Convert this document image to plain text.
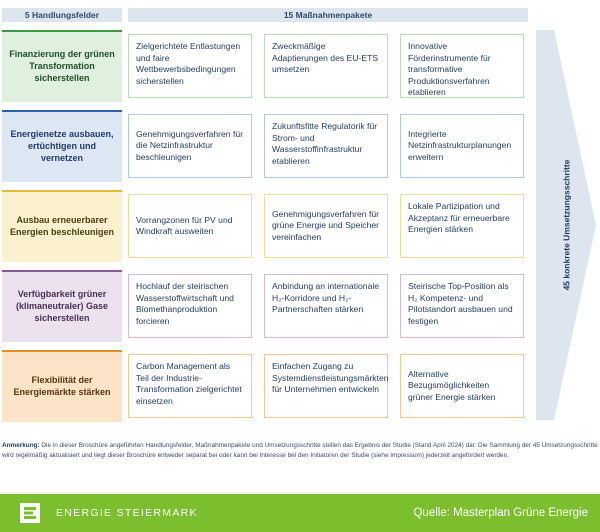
5 Handlungsfelder	15 Maßnahmenpakete
Finanzierung der grünen Transformation sicherstellen
Zielgerichtete Entlastungen und faire Wettbewerbsbedingungen sicherstellen
Zweckmäßige Adaptierungen des EU-ETS umsetzen
Innovative Förderinstrumente für transformative Produktionsverfahren etablieren
Energienetze ausbauen, ertüchtigen und vernetzen
Genehmigungsverfahren für die Netzinfrastruktur beschleunigen
Zukunftsfitte Regulatorik für Strom- und Wasserstoffinfrastruktur etablieren
Integrierte Netzinfrastrukturplanungen erweitern
Ausbau erneuerbarer Energien beschleunigen
Vorrangzonen für PV und Windkraft ausweiten
Genehmigungsverfahren für grüne Energie und Speicher vereinfachen
Lokale Partizipation und Akzeptanz für erneuerbare Energien stärken
Verfügbarkeit grüner (klimaneutraler) Gase sicherstellen
Hochlauf der steirischen Wasserstoffwirtschaft und Biomethanproduktion forcieren
Anbindung an internationale H₂-Korridore und H₂-Partnerschaften stärken
Steirische Top-Position als H₂ Kompetenz- und Pilotstandort ausbauen und festigen
Flexibilität der Energiemärkte stärken
Carbon Management als Teil der Industrie-Transformation zielgerichtet einsetzen
Einfachen Zugang zu Systemdienstleistungsmärkten für Unternehmen entwickeln
Alternative Bezugsmöglichkeiten grüner Energie stärken
45 konkrete Umsetzungsschritte
Anmerkung: Die in dieser Broschüre angeführten Handlungsfelder, Maßnahmenpakete und Umsetzungsschritte stellen das Ergebnis der Studie (Stand April 2024) dar. Die Sammlung der 45 Umsetzungsschritte wird regelmäßig aktualisiert und liegt dieser Broschüre entweder separat bei oder kann bei Interesse bei den Initiatoren der Studie (siehe Impressum) jederzeit angefordert werden.
ENERGIE STEIERMARK	Quelle: Masterplan Grüne Energie
